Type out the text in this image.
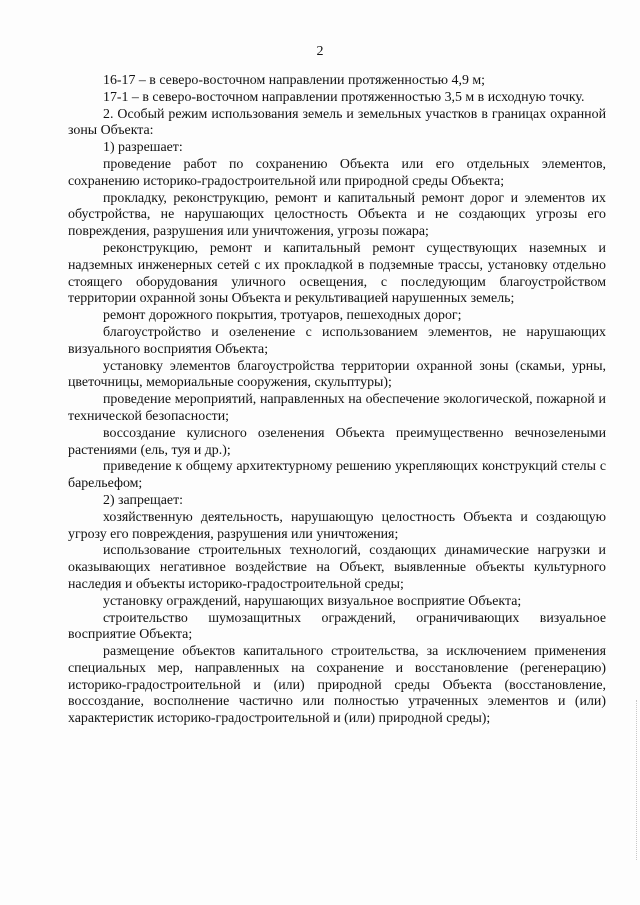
2

16-17 – в северо-восточном направлении протяженностью 4,9 м;

17-1 – в северо-восточном направлении протяженностью 3,5 м в исходную точку.

2. Особый режим использования земель и земельных участков в границах охранной зоны Объекта:

1) разрешает:

проведение работ по сохранению Объекта или его отдельных элементов, сохранению историко-градостроительной или природной среды Объекта;

прокладку, реконструкцию, ремонт и капитальный ремонт дорог и элементов их обустройства, не нарушающих целостность Объекта и не создающих угрозы его повреждения, разрушения или уничтожения, угрозы пожара;

реконструкцию, ремонт и капитальный ремонт существующих наземных и надземных инженерных сетей с их прокладкой в подземные трассы, установку отдельно стоящего оборудования уличного освещения, с последующим благоустройством территории охранной зоны Объекта и рекультивацией нарушенных земель;

ремонт дорожного покрытия, тротуаров, пешеходных дорог;

благоустройство и озеленение с использованием элементов, не нарушающих визуального восприятия Объекта;

установку элементов благоустройства территории охранной зоны (скамьи, урны, цветочницы, мемориальные сооружения, скульптуры);

проведение мероприятий, направленных на обеспечение экологической, пожарной и технической безопасности;

воссоздание кулисного озеленения Объекта преимущественно вечнозелеными растениями (ель, туя и др.);

приведение к общему архитектурному решению укрепляющих конструкций стелы с барельефом;

2) запрещает:

хозяйственную деятельность, нарушающую целостность Объекта и создающую угрозу его повреждения, разрушения или уничтожения;

использование строительных технологий, создающих динамические нагрузки и оказывающих негативное воздействие на Объект, выявленные объекты культурного наследия и объекты историко-градостроительной среды;

установку ограждений, нарушающих визуальное восприятие Объекта;

строительство шумозащитных ограждений, ограничивающих визуальное восприятие Объекта;

размещение объектов капитального строительства, за исключением применения специальных мер, направленных на сохранение и восстановление (регенерацию) историко-градостроительной и (или) природной среды Объекта (восстановление, воссоздание, восполнение частично или полностью утраченных элементов и (или) характеристик историко-градостроительной и (или) природной среды);
